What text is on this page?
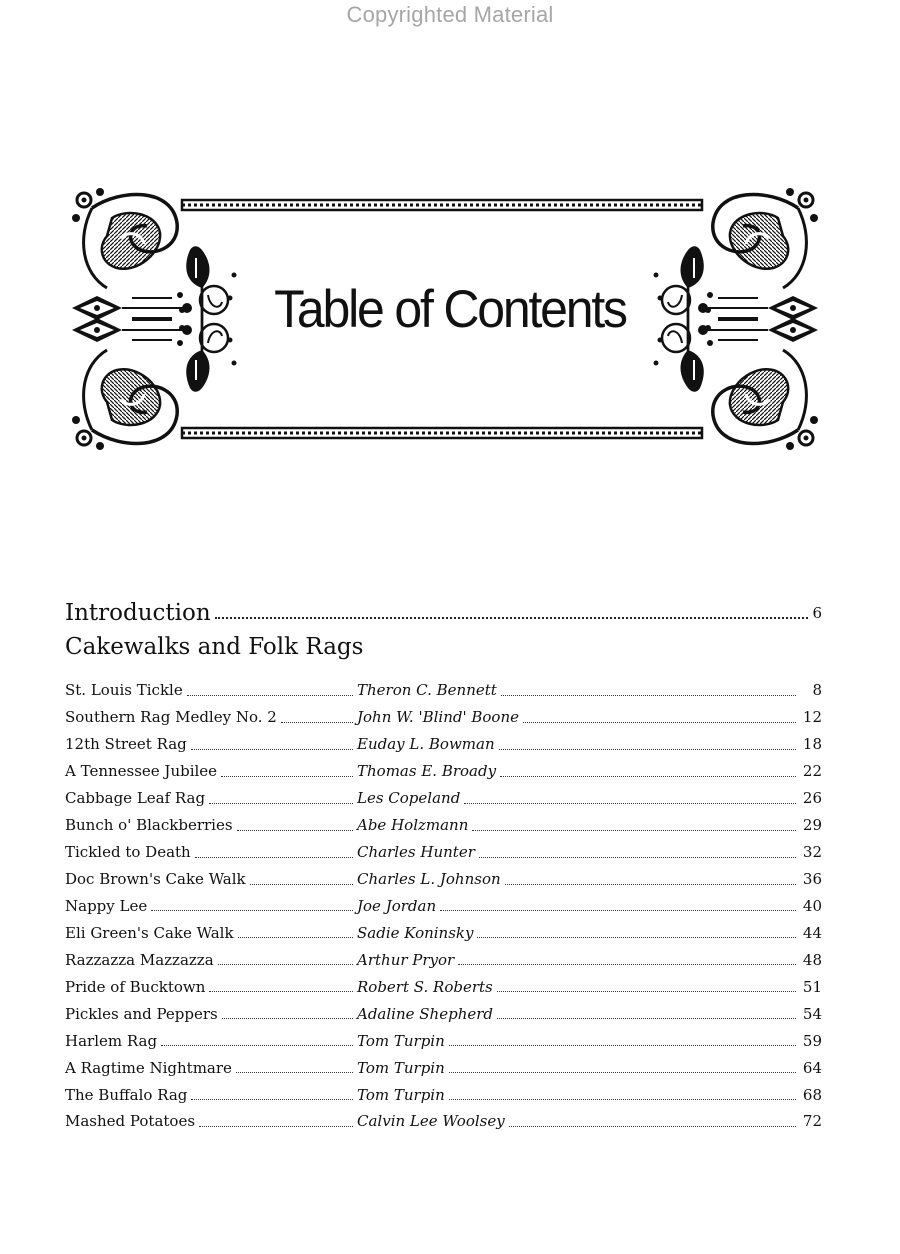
Copyrighted Material
Table of Contents
Introduction	6
Cakewalks and Folk Rags
St. Louis Tickle	Theron C. Bennett	8
Southern Rag Medley No. 2	John W. 'Blind' Boone	12
12th Street Rag	Euday L. Bowman	18
A Tennessee Jubilee	Thomas E. Broady	22
Cabbage Leaf Rag	Les Copeland	26
Bunch o' Blackberries	Abe Holzmann	29
Tickled to Death	Charles Hunter	32
Doc Brown's Cake Walk	Charles L. Johnson	36
Nappy Lee	Joe Jordan	40
Eli Green's Cake Walk	Sadie Koninsky	44
Razzazza Mazzazza	Arthur Pryor	48
Pride of Bucktown	Robert S. Roberts	51
Pickles and Peppers	Adaline Shepherd	54
Harlem Rag	Tom Turpin	59
A Ragtime Nightmare	Tom Turpin	64
The Buffalo Rag	Tom Turpin	68
Mashed Potatoes	Calvin Lee Woolsey	72
